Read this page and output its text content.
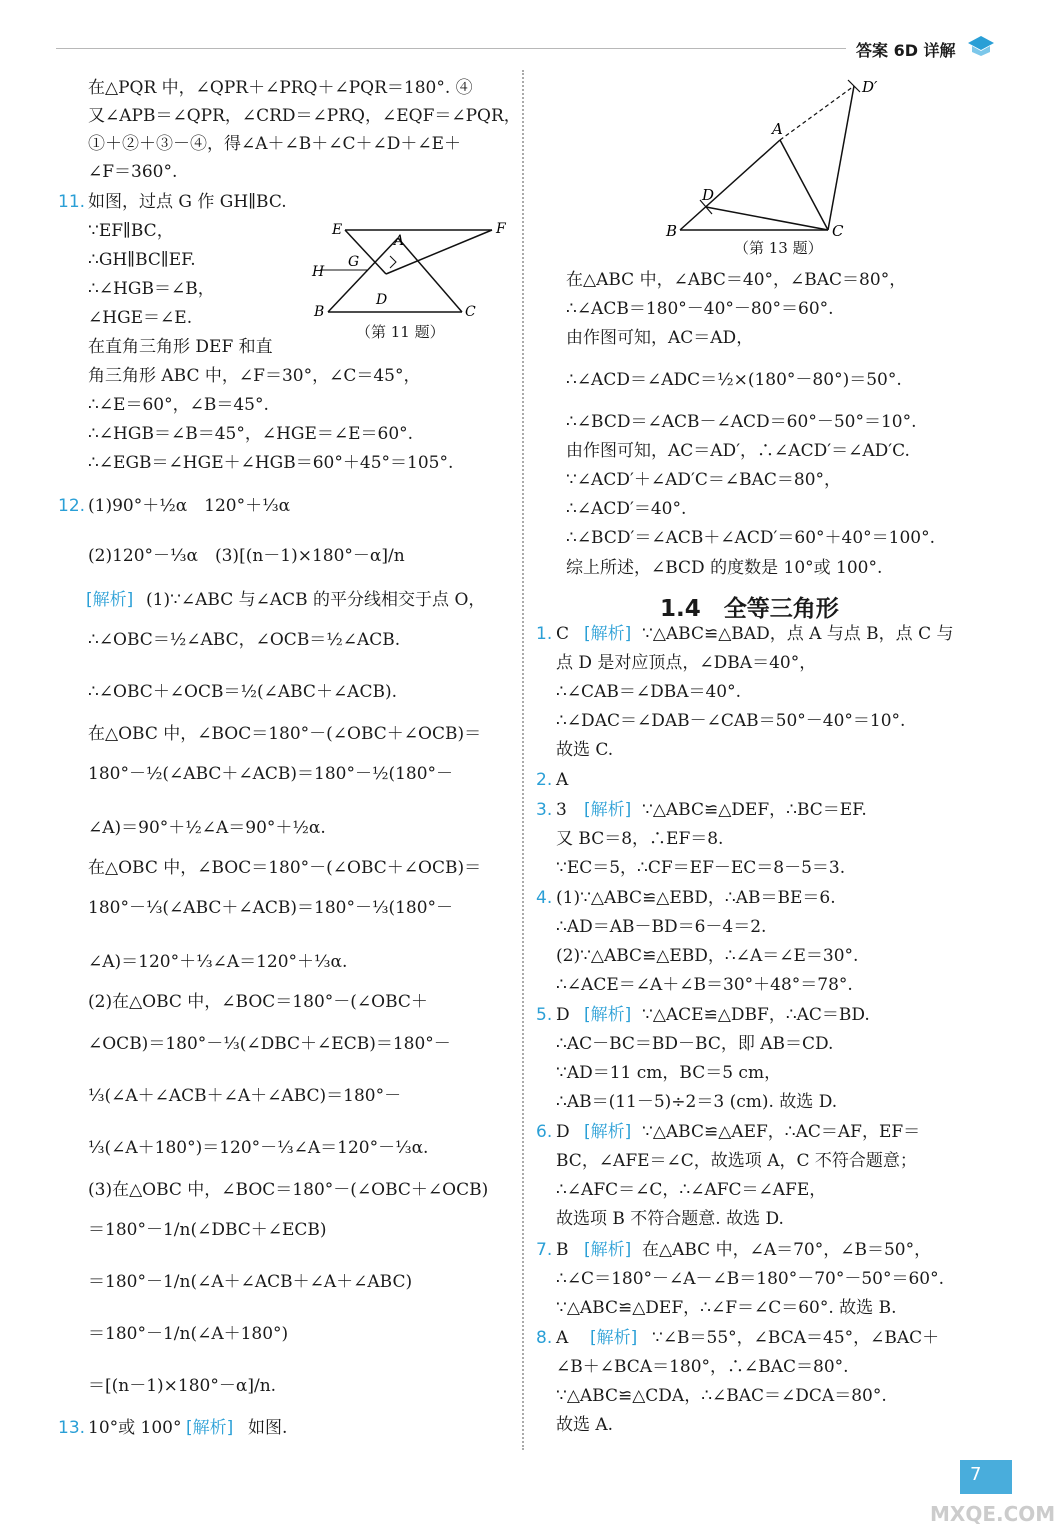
答案 6D 详解
在△PQR 中，∠QPR＋∠PRQ＋∠PQR＝180°. ④
又∠APB＝∠QPR，∠CRD＝∠PRQ，∠EQF＝∠PQR，
①＋②＋③－④，得∠A＋∠B＋∠C＋∠D＋∠E＋
∠F＝360°.
11. 如图，过点 G 作 GH∥BC.
∵EF∥BC，
∴GH∥BC∥EF.
∴∠HGB＝∠B，
∠HGE＝∠E.
在直角三角形 DEF 和直
角三角形 ABC 中，∠F＝30°，∠C＝45°，
∴∠E＝60°，∠B＝45°.
∴∠HGB＝∠B＝45°，∠HGE＝∠E＝60°.
∴∠EGB＝∠HGE＋∠HGB＝60°＋45°＝105°.
E	F
A
G
H
D
B	C
（第 11 题）
12. (1)90°＋½α　120°＋⅓α
(2)120°－⅓α　(3)[(n－1)×180°－α]/n
[解析] (1)∵∠ABC 与∠ACB 的平分线相交于点 O，
∴∠OBC＝½∠ABC，∠OCB＝½∠ACB.
∴∠OBC＋∠OCB＝½(∠ABC＋∠ACB).
在△OBC 中，∠BOC＝180°－(∠OBC＋∠OCB)＝
180°－½(∠ABC＋∠ACB)＝180°－½(180°－
∠A)＝90°＋½∠A＝90°＋½α.
在△OBC 中，∠BOC＝180°－(∠OBC＋∠OCB)＝
180°－⅓(∠ABC＋∠ACB)＝180°－⅓(180°－
∠A)＝120°＋⅓∠A＝120°＋⅓α.
(2)在△OBC 中，∠BOC＝180°－(∠OBC＋
∠OCB)＝180°－⅓(∠DBC＋∠ECB)＝180°－
⅓(∠A＋∠ACB＋∠A＋∠ABC)＝180°－
⅓(∠A＋180°)＝120°－⅓∠A＝120°－⅓α.
(3)在△OBC 中，∠BOC＝180°－(∠OBC＋∠OCB)
＝180°－1/n(∠DBC＋∠ECB)
＝180°－1/n(∠A＋∠ACB＋∠A＋∠ABC)
＝180°－1/n(∠A＋180°)
＝[(n－1)×180°－α]/n.
13. 10°或 100° [解析] 如图.
D′
A
D
B	C
（第 13 题）
在△ABC 中，∠ABC＝40°，∠BAC＝80°，
∴∠ACB＝180°－40°－80°＝60°.
由作图可知，AC＝AD，
∴∠ACD＝∠ADC＝½×(180°－80°)＝50°.
∴∠BCD＝∠ACB－∠ACD＝60°－50°＝10°.
由作图可知，AC＝AD′，∴∠ACD′＝∠AD′C.
∵∠ACD′＋∠AD′C＝∠BAC＝80°，
∴∠ACD′＝40°.
∴∠BCD′＝∠ACB＋∠ACD′＝60°＋40°＝100°.
综上所述，∠BCD 的度数是 10°或 100°.
1.4　全等三角形
1. C [解析] ∵△ABC≌△BAD，点 A 与点 B，点 C 与
点 D 是对应顶点，∠DBA＝40°，
∴∠CAB＝∠DBA＝40°.
∴∠DAC＝∠DAB－∠CAB＝50°－40°＝10°.
故选 C.
2. A
3. 3 [解析] ∵△ABC≌△DEF，∴BC＝EF.
又 BC＝8，∴EF＝8.
∵EC＝5，∴CF＝EF－EC＝8－5＝3.
4. (1)∵△ABC≌△EBD，∴AB＝BE＝6.
∴AD＝AB－BD＝6－4＝2.
(2)∵△ABC≌△EBD，∴∠A＝∠E＝30°.
∴∠ACE＝∠A＋∠B＝30°＋48°＝78°.
5. D [解析] ∵△ACE≌△DBF，∴AC＝BD.
∴AC－BC＝BD－BC，即 AB＝CD.
∵AD＝11 cm，BC＝5 cm，
∴AB＝(11－5)÷2＝3 (cm). 故选 D.
6. D [解析] ∵△ABC≌△AEF，∴AC＝AF，EF＝
BC，∠AFE＝∠C，故选项 A，C 不符合题意；
∴∠AFC＝∠C，∴∠AFC＝∠AFE，
故选项 B 不符合题意. 故选 D.
7. B [解析] 在△ABC 中，∠A＝70°，∠B＝50°，
∴∠C＝180°－∠A－∠B＝180°－70°－50°＝60°.
∵△ABC≌△DEF，∴∠F＝∠C＝60°. 故选 B.
8. A [解析] ∵∠B＝55°，∠BCA＝45°，∠BAC＋
∠B＋∠BCA＝180°，∴∠BAC＝80°.
∵△ABC≌△CDA，∴∠BAC＝∠DCA＝80°.
故选 A.
7
MXQE.COM
